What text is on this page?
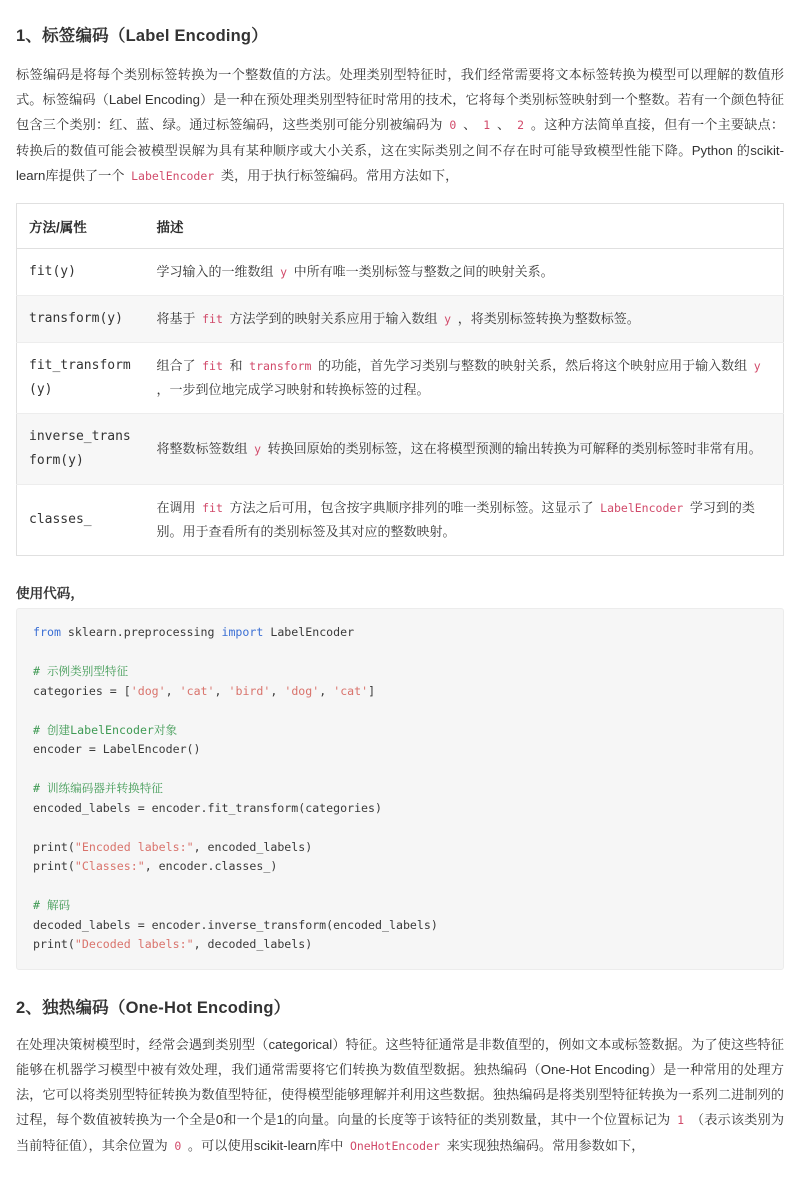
1、标签编码（Label Encoding）

标签编码是将每个类别标签转换为一个整数值的方法。处理类别型特征时，我们经常需要将文本标签转换为模型可以理解的数值形式。标签编码（Label Encoding）是一种在预处理类别型特征时常用的技术，它将每个类别标签映射到一个整数。若有一个颜色特征包含三个类别：红、蓝、绿。通过标签编码，这些类别可能分别被编码为 0 、 1 、 2 。这种方法简单直接，但有一个主要缺点：转换后的数值可能会被模型误解为具有某种顺序或大小关系，这在实际类别之间不存在时可能导致模型性能下降。Python 的scikit-learn库提供了一个 LabelEncoder 类，用于执行标签编码。常用方法如下，

方法/属性	描述
fit(y)	学习输入的一维数组 y 中所有唯一类别标签与整数之间的映射关系。
transform(y)	将基于 fit 方法学到的映射关系应用于输入数组 y ，将类别标签转换为整数标签。
fit_transform(y)	组合了 fit 和 transform 的功能，首先学习类别与整数的映射关系，然后将这个映射应用于输入数组 y ，一步到位地完成学习映射和转换标签的过程。
inverse_transform(y)	将整数标签数组 y 转换回原始的类别标签，这在将模型预测的输出转换为可解释的类别标签时非常有用。
classes_	在调用 fit 方法之后可用，包含按字典顺序排列的唯一类别标签。这显示了 LabelEncoder 学习到的类别。用于查看所有的类别标签及其对应的整数映射。
使用代码，
from sklearn.preprocessing import LabelEncoder

# 示例类别型特征
categories = ['dog', 'cat', 'bird', 'dog', 'cat']

# 创建LabelEncoder对象
encoder = LabelEncoder()

# 训练编码器并转换特征
encoded_labels = encoder.fit_transform(categories)

print("Encoded labels:", encoded_labels)
print("Classes:", encoder.classes_)

# 解码
decoded_labels = encoder.inverse_transform(encoded_labels)
print("Decoded labels:", decoded_labels)
2、独热编码（One-Hot Encoding）

在处理决策树模型时，经常会遇到类别型（categorical）特征。这些特征通常是非数值型的，例如文本或标签数据。为了使这些特征能够在机器学习模型中被有效处理，我们通常需要将它们转换为数值型数据。独热编码（One-Hot Encoding）是一种常用的处理方法，它可以将类别型特征转换为数值型特征，使得模型能够理解并利用这些数据。独热编码是将类别型特征转换为一系列二进制列的过程，每个数值被转换为一个全是0和一个是1的向量。向量的长度等于该特征的类别数量，其中一个位置标记为 1 （表示该类别为当前特征值），其余位置为 0 。可以使用scikit-learn库中 OneHotEncoder 来实现独热编码。常用参数如下，
